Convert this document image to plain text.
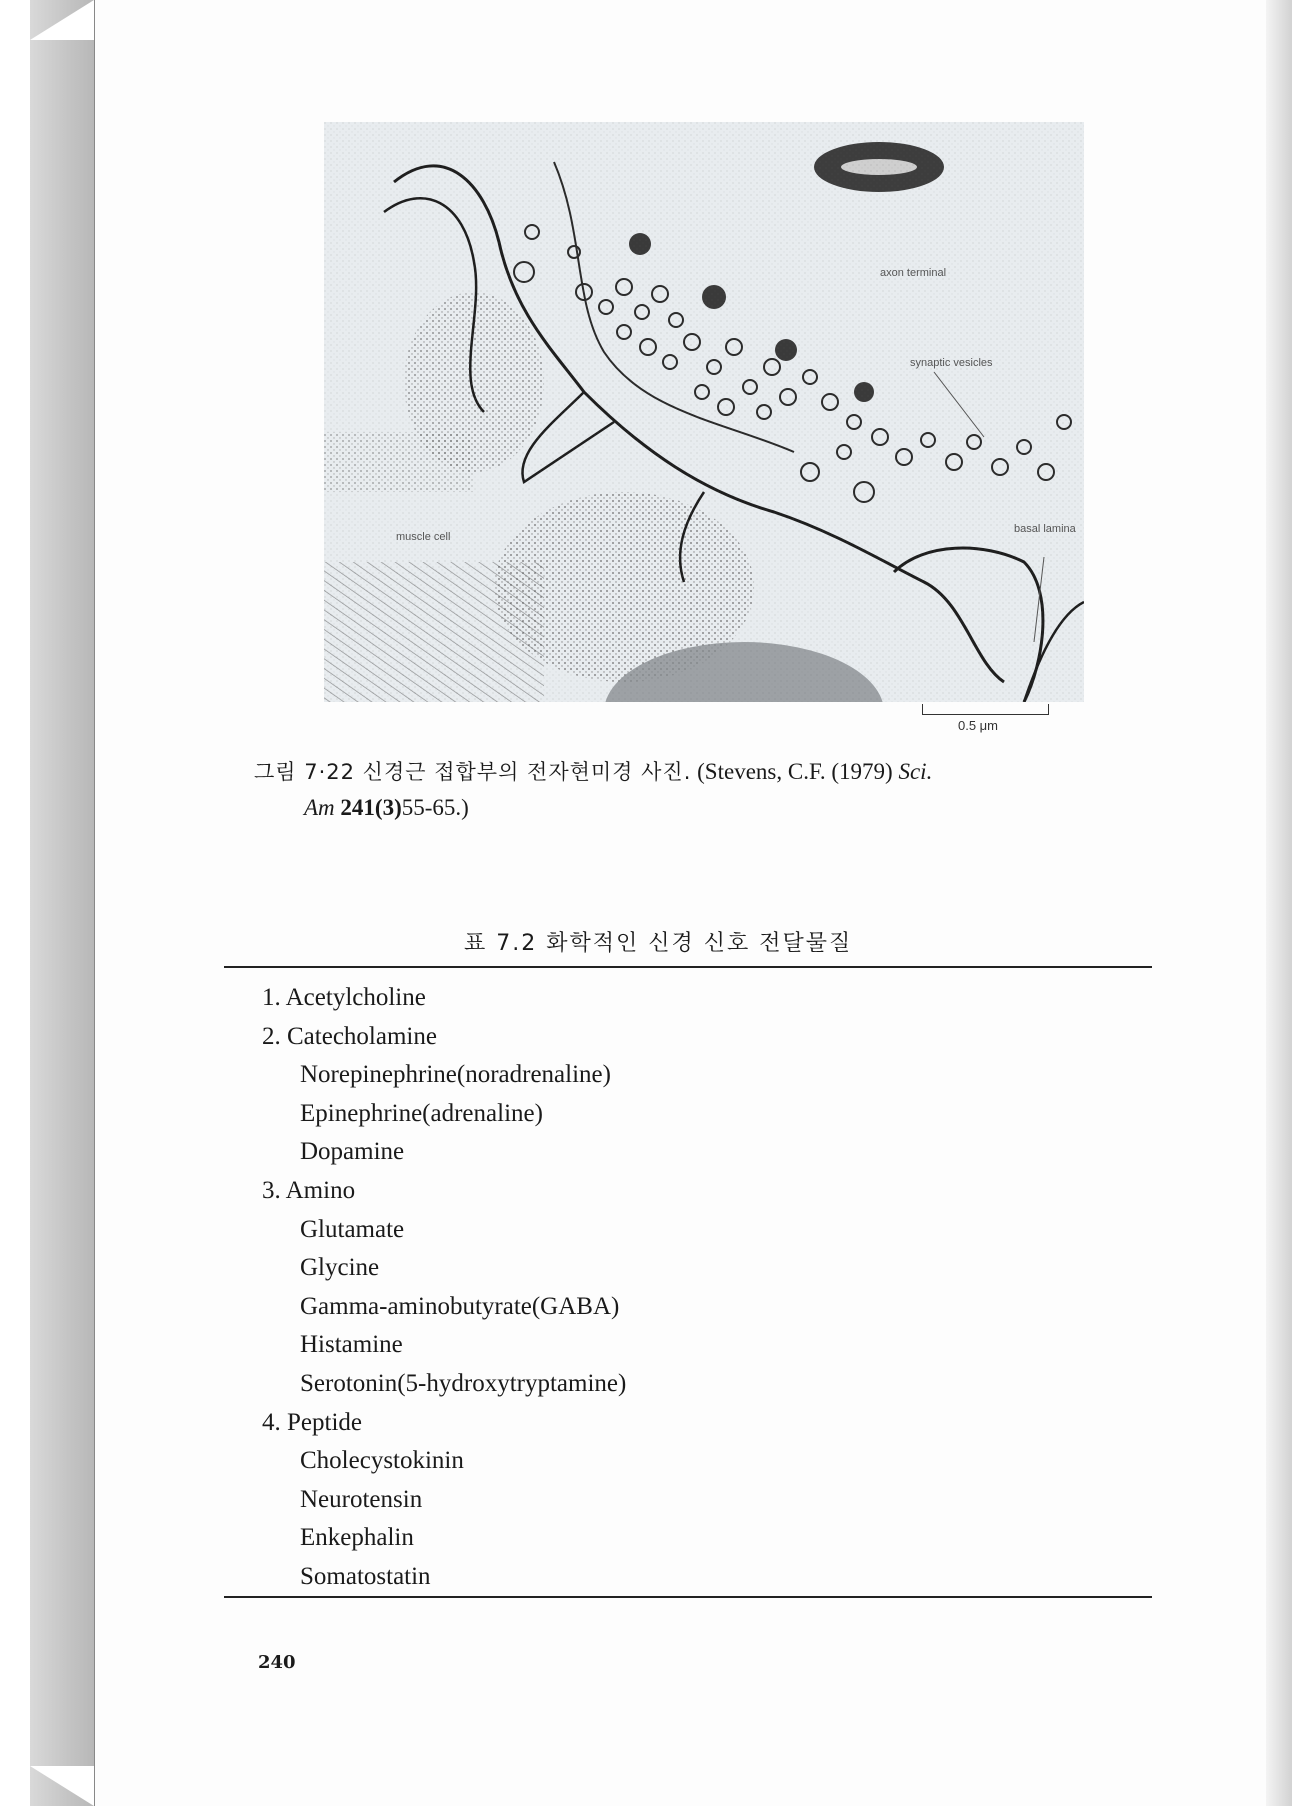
axon terminal
synaptic vesicles
muscle cell
basal lamina
0.5 μm
그림 7·22 신경근 접합부의 전자현미경 사진. (Stevens, C.F. (1979) Sci.
Am 241(3)55-65.)
표 7.2 화학적인 신경 신호 전달물질
1. Acetylcholine
2. Catecholamine
Norepinephrine(noradrenaline)
Epinephrine(adrenaline)
Dopamine
3. Amino
Glutamate
Glycine
Gamma-aminobutyrate(GABA)
Histamine
Serotonin(5-hydroxytryptamine)
4. Peptide
Cholecystokinin
Neurotensin
Enkephalin
Somatostatin
240
